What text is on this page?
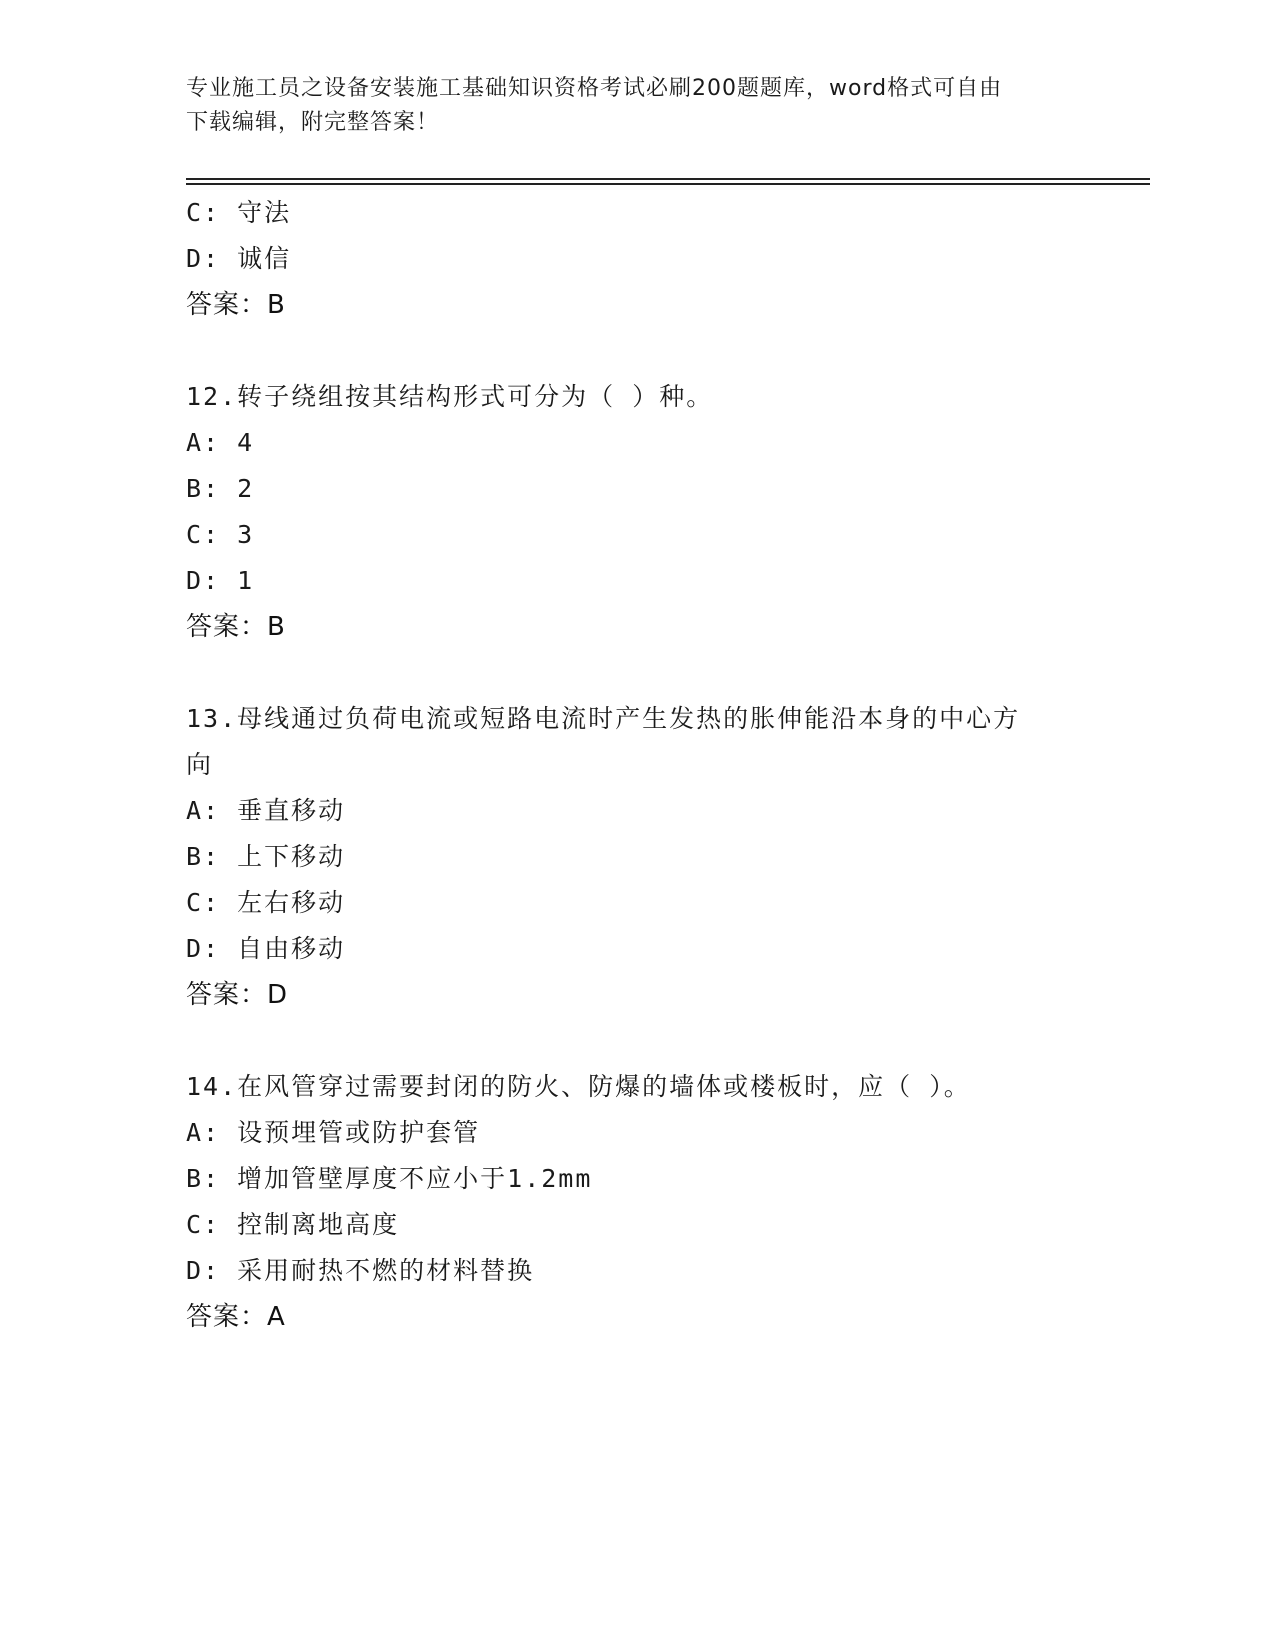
专业施工员之设备安装施工基础知识资格考试必刷200题题库，word格式可自由
下载编辑，附完整答案！
C: 守法
D: 诚信
答案：B
12.转子绕组按其结构形式可分为（ ）种。
A: 4
B: 2
C: 3
D: 1
答案：B
13.母线通过负荷电流或短路电流时产生发热的胀伸能沿本身的中心方
向
A: 垂直移动
B: 上下移动
C: 左右移动
D: 自由移动
答案：D
14.在风管穿过需要封闭的防火、防爆的墙体或楼板时，应（ ）。
A: 设预埋管或防护套管
B: 增加管壁厚度不应小于1.2mm
C: 控制离地高度
D: 采用耐热不燃的材料替换
答案：A
